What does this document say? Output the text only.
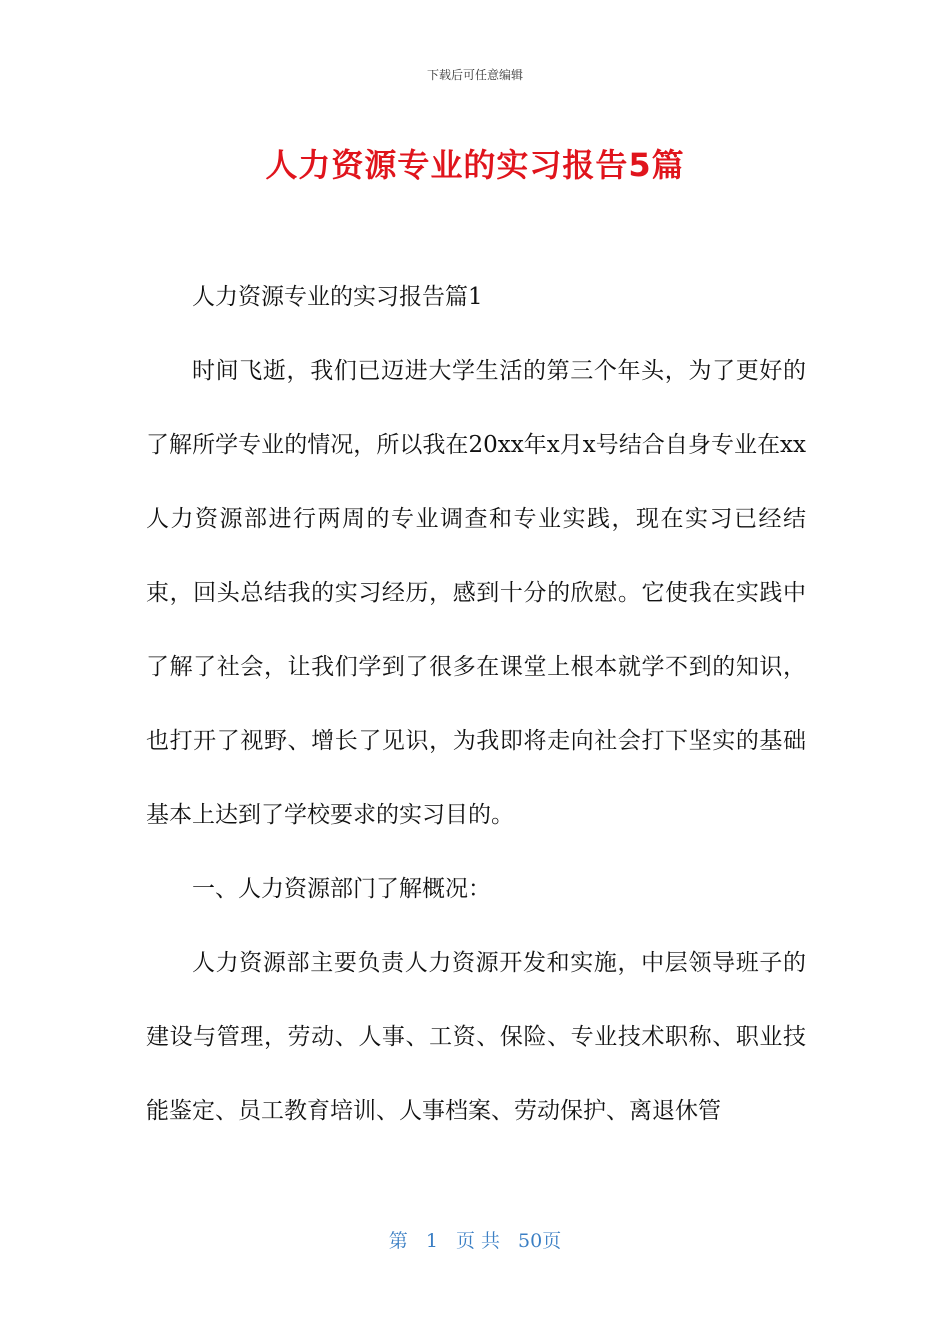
下载后可任意编辑
人力资源专业的实习报告5篇

人力资源专业的实习报告篇1

时间飞逝，我们已迈进大学生活的第三个年头，为了更好的了解所学专业的情况，所以我在20xx年x月x号结合自身专业在xx人力资源部进行两周的专业调查和专业实践，现在实习已经结束，回头总结我的实习经历，感到十分的欣慰。它使我在实践中了解了社会，让我们学到了很多在课堂上根本就学不到的知识，也打开了视野、增长了见识，为我即将走向社会打下坚实的基础基本上达到了学校要求的实习目的。

一、人力资源部门了解概况：

人力资源部主要负责人力资源开发和实施，中层领导班子的建设与管理，劳动、人事、工资、保险、专业技术职称、职业技能鉴定、员工教育培训、人事档案、劳动保护、离退休管

第 1 页 共 50页
